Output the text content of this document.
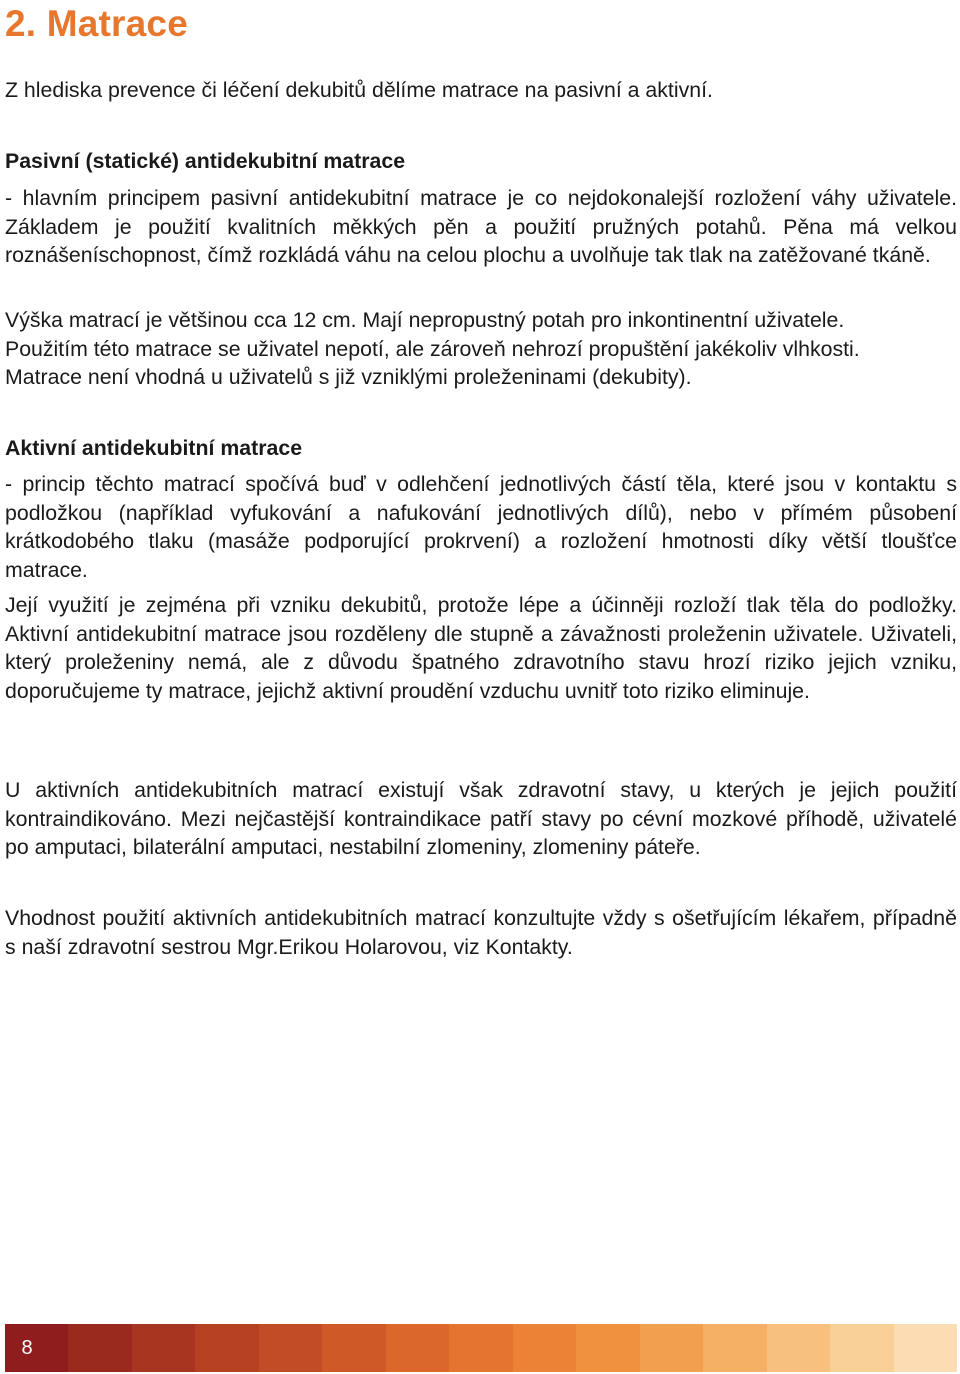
2. Matrace

Z hlediska prevence či léčení dekubitů dělíme matrace na pasivní a aktivní.

Pasivní (statické) antidekubitní matrace

- hlavním principem pasivní antidekubitní matrace je co nejdokonalejší rozložení váhy uživatele. Základem je použití kvalitních měkkých pěn a použití pružných potahů. Pěna má velkou roznášeníschopnost, čímž rozkládá váhu na celou plochu a uvolňuje tak tlak na zatěžované tkáně.

Výška matrací je většinou cca 12 cm. Mají nepropustný potah pro inkontinentní uživatele.

Použitím této matrace se uživatel nepotí, ale zároveň nehrozí propuštění jakékoliv vlhkosti.

Matrace není vhodná u uživatelů s již vzniklými proleženinami (dekubity).

Aktivní antidekubitní matrace

- princip těchto matrací spočívá buď v odlehčení jednotlivých částí těla, které jsou v kontaktu s podložkou (například vyfukování a nafukování jednotlivých dílů), nebo v přímém působení krátkodobého tlaku (masáže podporující prokrvení) a rozložení hmotnosti díky větší tloušťce matrace.

Její využití je zejména při vzniku dekubitů, protože lépe a účinněji rozloží tlak těla do podložky. Aktivní antidekubitní matrace jsou rozděleny dle stupně a závažnosti proleženin uživatele. Uživateli, který proleženiny nemá, ale z důvodu špatného zdravotního stavu hrozí riziko jejich vzniku, doporučujeme ty matrace, jejichž aktivní proudění vzduchu uvnitř toto riziko eliminuje.

U aktivních antidekubitních matrací existují však zdravotní stavy, u kterých je jejich použití kontraindikováno. Mezi nejčastější kontraindikace patří stavy po cévní mozkové příhodě, uživatelé po amputaci, bilaterální amputaci, nestabilní zlomeniny, zlomeniny páteře.

Vhodnost použití aktivních antidekubitních matrací konzultujte vždy s ošetřujícím lékařem, případně s naší zdravotní sestrou Mgr.Erikou Holarovou, viz Kontakty.

8
